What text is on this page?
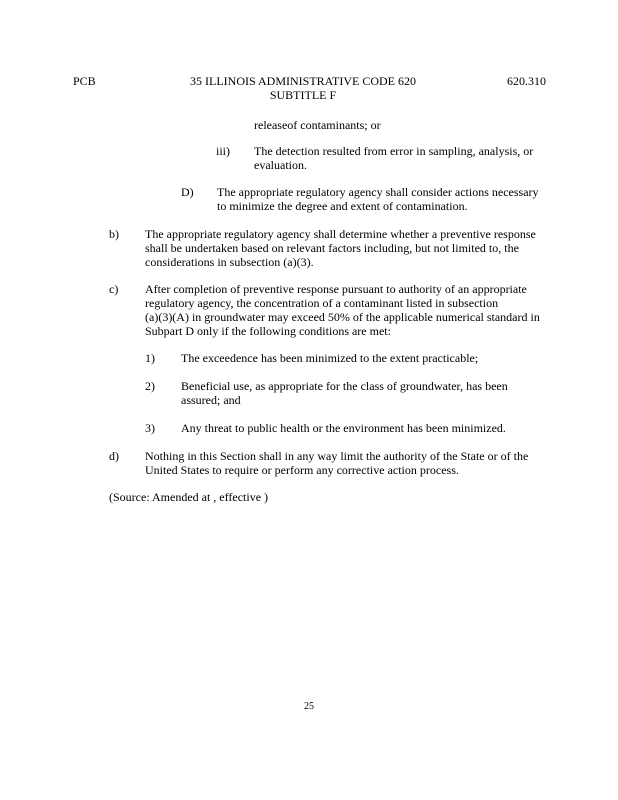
PCB	35 ILLINOIS ADMINISTRATIVE CODE 620
SUBTITLE F
620.310
releaseof contaminants; or
iii) The detection resulted from error in sampling, analysis, or
evaluation.
D) The appropriate regulatory agency shall consider actions necessary
to minimize the degree and extent of contamination.
b) The appropriate regulatory agency shall determine whether a preventive response
shall be undertaken based on relevant factors including, but not limited to, the
considerations in subsection (a)(3).
c) After completion of preventive response pursuant to authority of an appropriate
regulatory agency, the concentration of a contaminant listed in subsection
(a)(3)(A) in groundwater may exceed 50% of the applicable numerical standard in
Subpart D only if the following conditions are met:
1) The exceedence has been minimized to the extent practicable;
2) Beneficial use, as appropriate for the class of groundwater, has been
assured; and
3) Any threat to public health or the environment has been minimized.
d) Nothing in this Section shall in any way limit the authority of the State or of the
United States to require or perform any corrective action process.
(Source: Amended at , effective )
25
